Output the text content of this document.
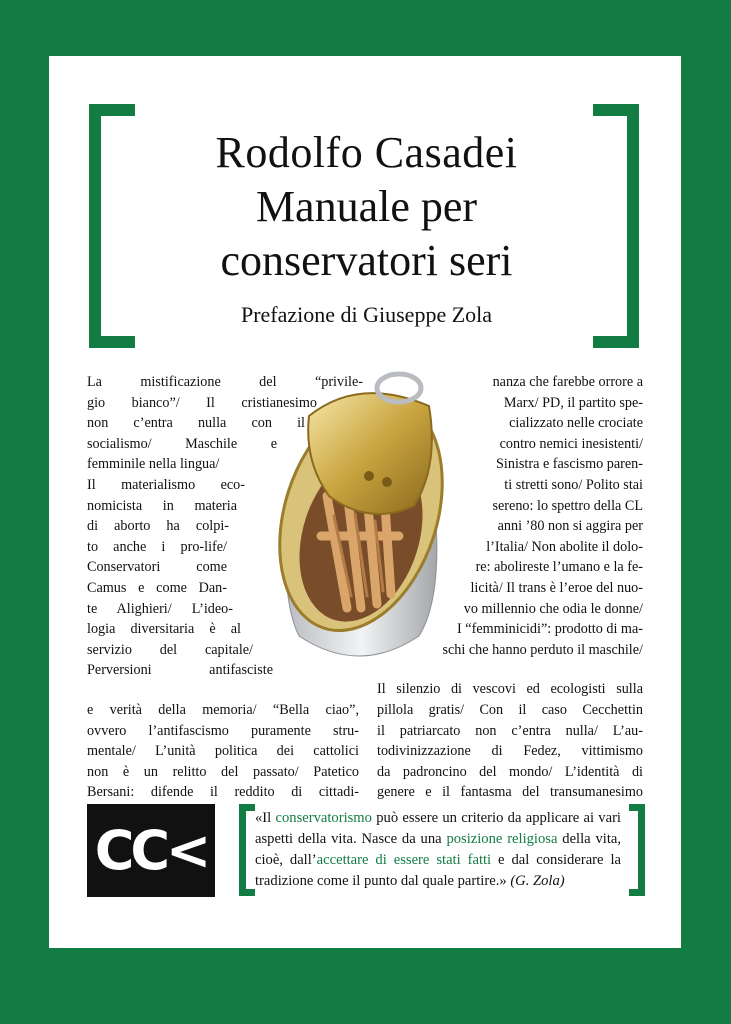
Rodolfo Casadei
Manuale per
conservatori seri
Prefazione di Giuseppe Zola
La mistificazione del “privile-
gio bianco”/ Il cristianesimo
non c’entra nulla con il
socialismo/ Maschile e
femminile nella lingua/
Il materialismo eco-
nomicista in materia
di aborto ha colpi-
to anche i pro-life/
Conservatori come
Camus e come Dan-
te Alighieri/ L’ideo-
logia diversitaria è al
servizio del capitale/
Perversioni antifasciste
nanza che farebbe orrore a
Marx/ PD, il partito spe-
cializzato nelle crociate
contro nemici inesistenti/
Sinistra e fascismo paren-
ti stretti sono/ Polito stai
sereno: lo spettro della CL
anni ’80 non si aggira per
l’Italia/ Non abolite il dolo-
re: abolireste l’umano e la fe-
licità/ Il trans è l’eroe del nuo-
vo millennio che odia le donne/
I “femminicidi”: prodotto di ma-
schi che hanno perduto il maschile/
e verità della memoria/ “Bella ciao”,
ovvero l’antifascismo puramente stru-
mentale/ L’unità politica dei cattolici
non è un relitto del passato/ Patetico
Bersani: difende il reddito di cittadi-
Il silenzio di vescovi ed ecologisti sulla
pillola gratis/ Con il caso Cecchettin
il patriarcato non c’entra nulla/ L’au-
todivinizzazione di Fedez, vittimismo
da padroncino del mondo/ L’identità di
genere e il fantasma del transumanesimo
CC<
«Il conservatorismo può essere un criterio da applicare ai vari aspetti della vita. Nasce da una posizione religiosa della vita, cioè, dall’accettare di essere stati fatti e dal considerare la tradizione come il punto dal quale partire.» (G. Zola)
